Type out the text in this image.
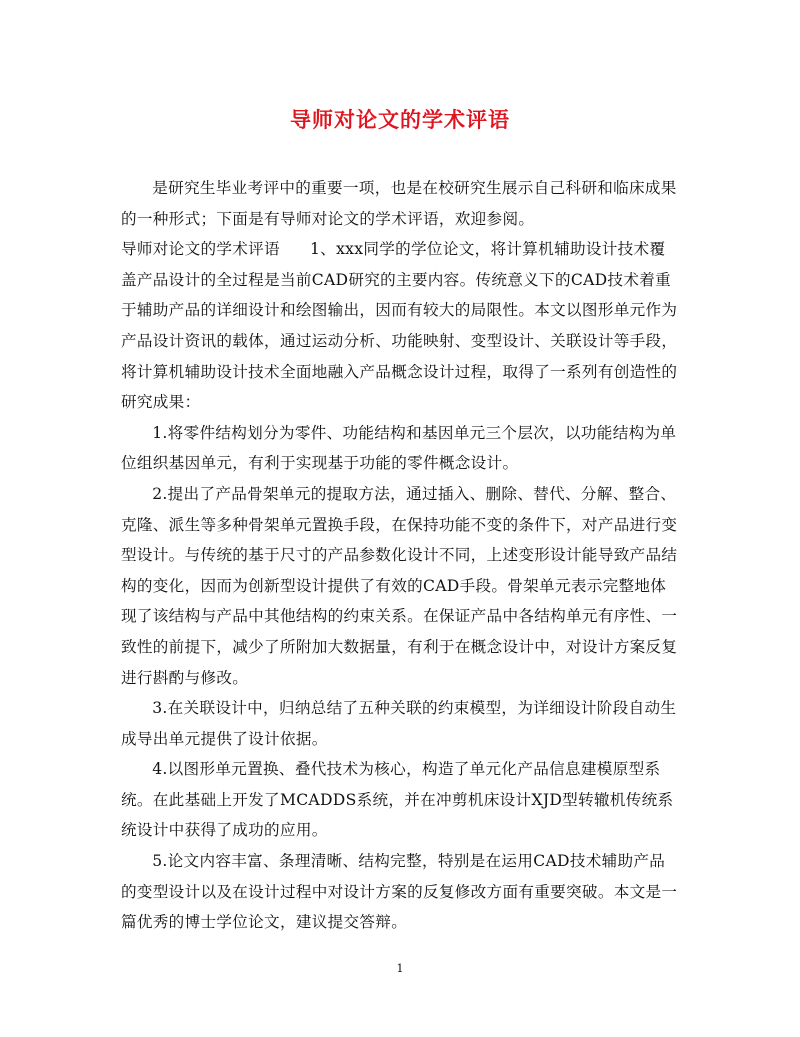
导师对论文的学术评语

是研究生毕业考评中的重要一项，也是在校研究生展示自己科研和临床成果的一种形式；下面是有导师对论文的学术评语，欢迎参阅。

导师对论文的学术评语 1、xxx同学的学位论文，将计算机辅助设计技术覆盖产品设计的全过程是当前CAD研究的主要内容。传统意义下的CAD技术着重于辅助产品的详细设计和绘图输出，因而有较大的局限性。本文以图形单元作为产品设计资讯的载体，通过运动分析、功能映射、变型设计、关联设计等手段，将计算机辅助设计技术全面地融入产品概念设计过程，取得了一系列有创造性的研究成果：

1.将零件结构划分为零件、功能结构和基因单元三个层次，以功能结构为单位组织基因单元，有利于实现基于功能的零件概念设计。

2.提出了产品骨架单元的提取方法，通过插入、删除、替代、分解、整合、克隆、派生等多种骨架单元置换手段，在保持功能不变的条件下，对产品进行变型设计。与传统的基于尺寸的产品参数化设计不同，上述变形设计能导致产品结构的变化，因而为创新型设计提供了有效的CAD手段。骨架单元表示完整地体现了该结构与产品中其他结构的约束关系。在保证产品中各结构单元有序性、一致性的前提下，减少了所附加大数据量，有利于在概念设计中，对设计方案反复进行斟酌与修改。

3.在关联设计中，归纳总结了五种关联的约束模型，为详细设计阶段自动生成导出单元提供了设计依据。

4.以图形单元置换、叠代技术为核心，构造了单元化产品信息建模原型系统。在此基础上开发了MCADDS系统，并在冲剪机床设计XJD型转辙机传统系统设计中获得了成功的应用。

5.论文内容丰富、条理清晰、结构完整，特别是在运用CAD技术辅助产品的变型设计以及在设计过程中对设计方案的反复修改方面有重要突破。本文是一篇优秀的博士学位论文，建议提交答辩。

1
